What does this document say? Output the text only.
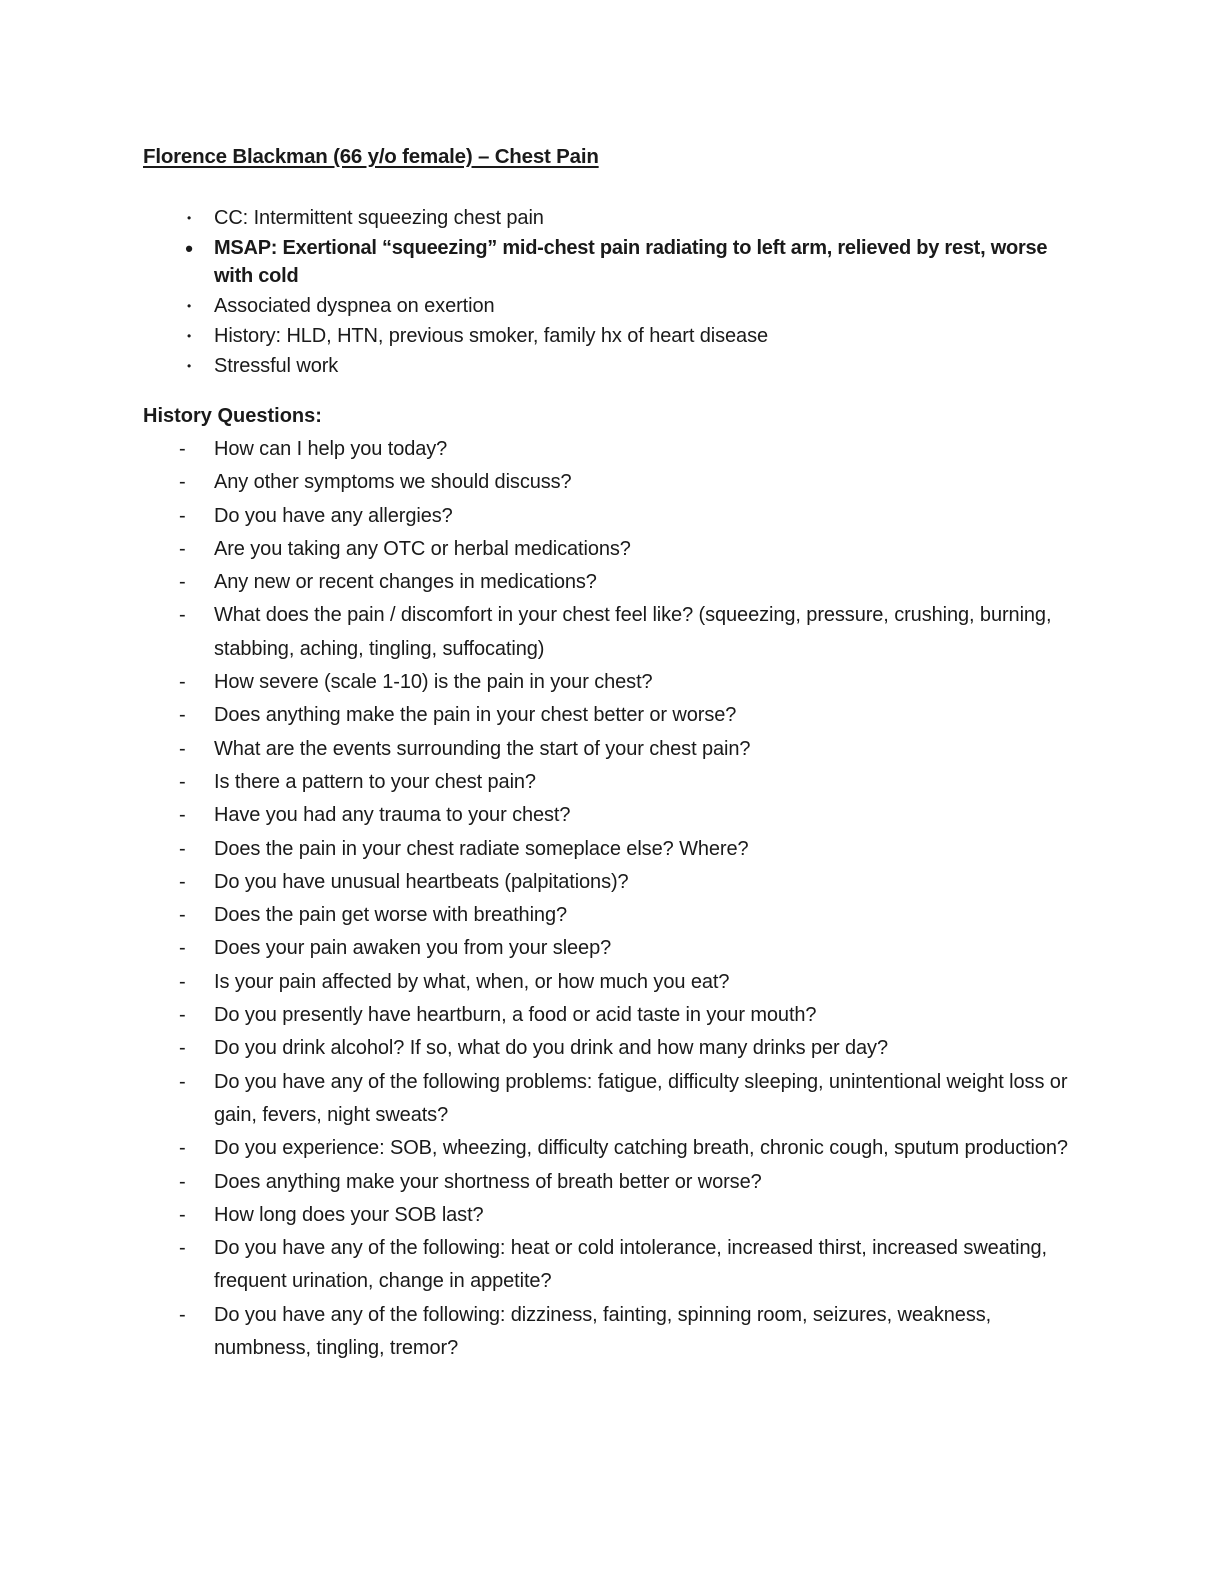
Florence Blackman (66 y/o female) – Chest Pain
•	CC: Intermittent squeezing chest pain
•	MSAP: Exertional “squeezing” mid-chest pain radiating to left arm, relieved by rest, worse with cold
•	Associated dyspnea on exertion
•	History: HLD, HTN, previous smoker, family hx of heart disease
•	Stressful work
History Questions:
- How can I help you today?
- Any other symptoms we should discuss?
- Do you have any allergies?
- Are you taking any OTC or herbal medications?
- Any new or recent changes in medications?
- What does the pain / discomfort in your chest feel like? (squeezing, pressure, crushing, burning, stabbing, aching, tingling, suffocating)
- How severe (scale 1-10) is the pain in your chest?
- Does anything make the pain in your chest better or worse?
- What are the events surrounding the start of your chest pain?
- Is there a pattern to your chest pain?
- Have you had any trauma to your chest?
- Does the pain in your chest radiate someplace else? Where?
- Do you have unusual heartbeats (palpitations)?
- Does the pain get worse with breathing?
- Does your pain awaken you from your sleep?
- Is your pain affected by what, when, or how much you eat?
- Do you presently have heartburn, a food or acid taste in your mouth?
- Do you drink alcohol? If so, what do you drink and how many drinks per day?
- Do you have any of the following problems: fatigue, difficulty sleeping, unintentional weight loss or gain, fevers, night sweats?
- Do you experience: SOB, wheezing, difficulty catching breath, chronic cough, sputum production?
- Does anything make your shortness of breath better or worse?
- How long does your SOB last?
- Do you have any of the following: heat or cold intolerance, increased thirst, increased sweating, frequent urination, change in appetite?
- Do you have any of the following: dizziness, fainting, spinning room, seizures, weakness, numbness, tingling, tremor?
